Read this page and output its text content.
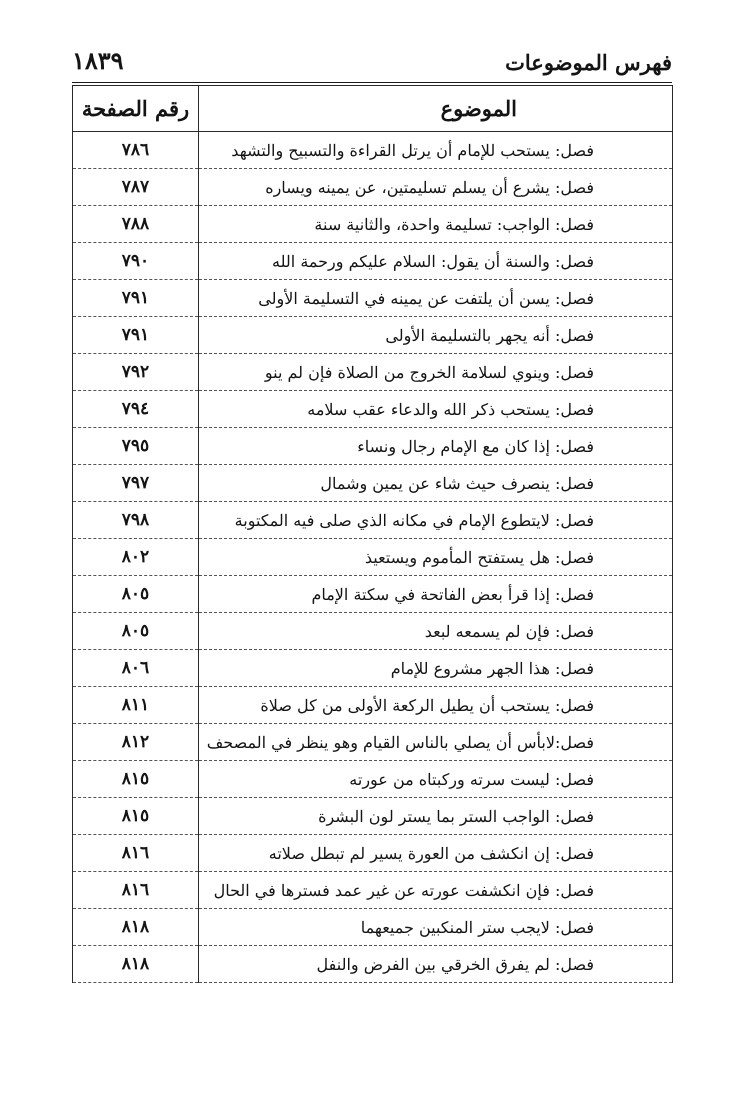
فهرس الموضوعات
١٨٣٩
الموضوع	رقم الصفحة
فصل: يستحب للإمام أن يرتل القراءة والتسبيح والتشهد	٧٨٦
فصل: يشرع أن يسلم تسليمتين، عن يمينه ويساره	٧٨٧
فصل: الواجب: تسليمة واحدة، والثانية سنة	٧٨٨
فصل: والسنة أن يقول: السلام عليكم ورحمة الله	٧٩٠
فصل: يسن أن يلتفت عن يمينه في التسليمة الأولى	٧٩١
فصل: أنه يجهر بالتسليمة الأولى	٧٩١
فصل: وينوي لسلامة الخروج من الصلاة فإن لم ينو	٧٩٢
فصل: يستحب ذكر الله والدعاء عقب سلامه	٧٩٤
فصل: إذا كان مع الإمام رجال ونساء	٧٩٥
فصل: ينصرف حيث شاء عن يمين وشمال	٧٩٧
فصل: لايتطوع الإمام في مكانه الذي صلى فيه المكتوبة	٧٩٨
فصل: هل يستفتح المأموم ويستعيذ	٨٠٢
فصل: إذا قرأ بعض الفاتحة في سكتة الإمام	٨٠٥
فصل: فإن لم يسمعه لبعد	٨٠٥
فصل: هذا الجهر مشروع للإمام	٨٠٦
فصل: يستحب أن يطيل الركعة الأولى من كل صلاة	٨١١
فصل:لابأس أن يصلي بالناس القيام وهو ينظر في المصحف	٨١٢
فصل: ليست سرته وركبتاه من عورته	٨١٥
فصل: الواجب الستر بما يستر لون البشرة	٨١٥
فصل: إن انكشف من العورة يسير لم تبطل صلاته	٨١٦
فصل: فإن انكشفت عورته عن غير عمد فسترها في الحال	٨١٦
فصل: لايجب ستر المنكبين جميعهما	٨١٨
فصل: لم يفرق الخرقي بين الفرض والنفل	٨١٨
